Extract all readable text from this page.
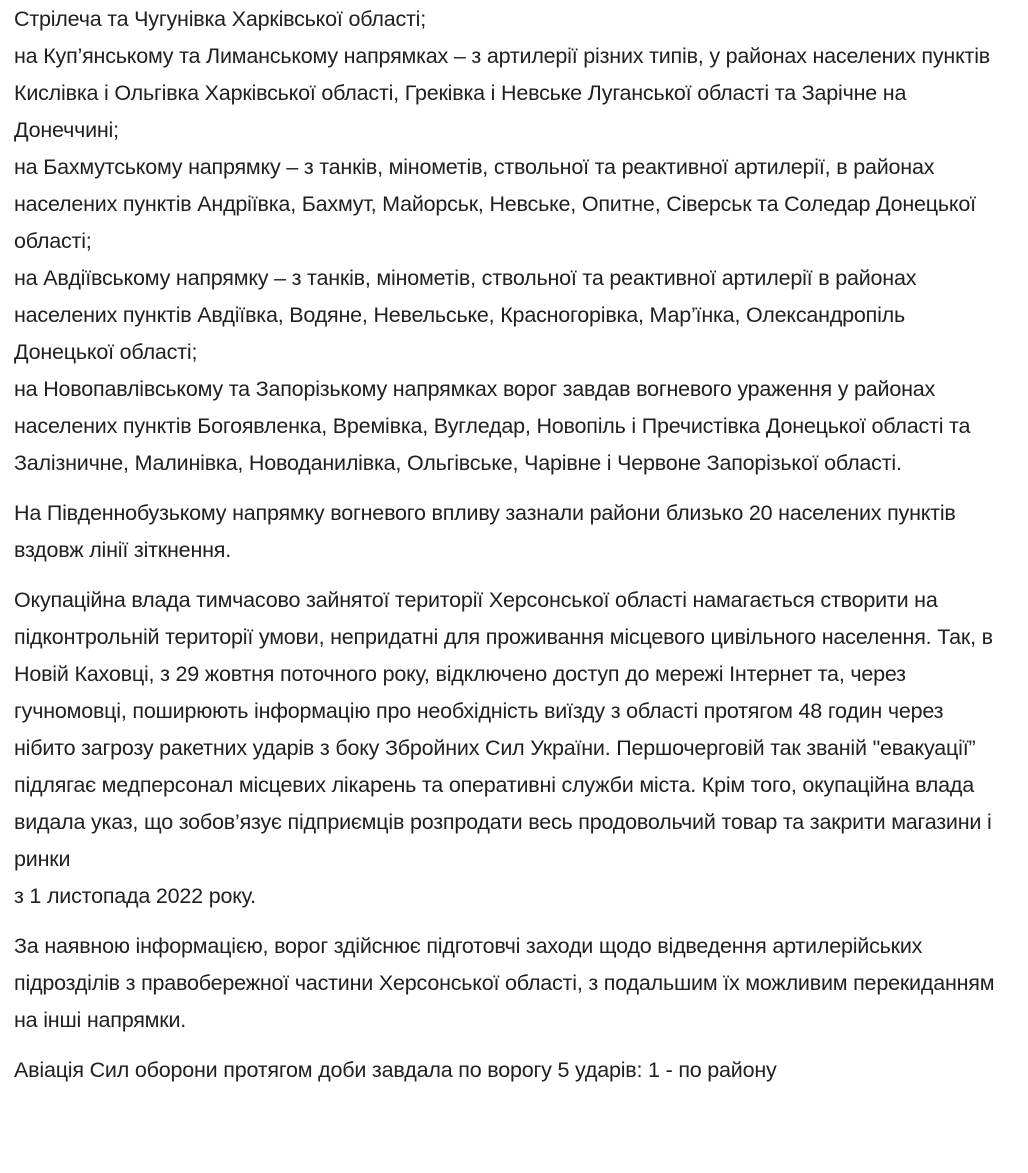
Стрілеча та Чугунівка Харківської області;
на Куп’янському та Лиманському напрямках – з артилерії різних типів, у районах населених пунктів Кислівка і Ольгівка Харківської області, Греківка і Невське Луганської області та Зарічне на Донеччині;
на Бахмутському напрямку – з танків, мінометів, ствольної та реактивної артилерії, в районах населених пунктів Андріївка, Бахмут, Майорськ, Невське, Опитне, Сіверськ та Соледар Донецької області;
на Авдіївському напрямку – з танків, мінометів, ствольної та реактивної артилерії в районах населених пунктів Авдіївка, Водяне, Невельське, Красногорівка, Мар’їнка, Олександропіль Донецької області;
на Новопавлівському та Запорізькому напрямках ворог завдав вогневого ураження у районах населених пунктів Богоявленка, Времівка, Вугледар, Новопіль і Пречистівка Донецької області та Залізничне, Малинівка, Новоданилівка, Ольгівське, Чарівне і Червоне Запорізької області.
На Південнобузькому напрямку вогневого впливу зазнали райони близько 20 населених пунктів вздовж лінії зіткнення.
Окупаційна влада тимчасово зайнятої території Херсонської області намагається створити на підконтрольній території умови, непридатні для проживання місцевого цивільного населення. Так, в Новій Каховці, з 29 жовтня поточного року, відключено доступ до мережі Інтернет та, через гучномовці, поширюють інформацію про необхідність виїзду з області протягом 48 годин через нібито загрозу ракетних ударів з боку Збройних Сил України. Першочерговій так званій "евакуації” підлягає медперсонал місцевих лікарень та оперативні служби міста. Крім того, окупаційна влада видала указ, що зобов’язує підприємців розпродати весь продовольчий товар та закрити магазини і ринки
з 1 листопада 2022 року.
За наявною інформацією, ворог здійснює підготовчі заходи щодо відведення артилерійських підрозділів з правобережної частини Херсонської області, з подальшим їх можливим перекиданням на інші напрямки.
Авіація Сил оборони протягом доби завдала по ворогу 5 ударів: 1 - по району
